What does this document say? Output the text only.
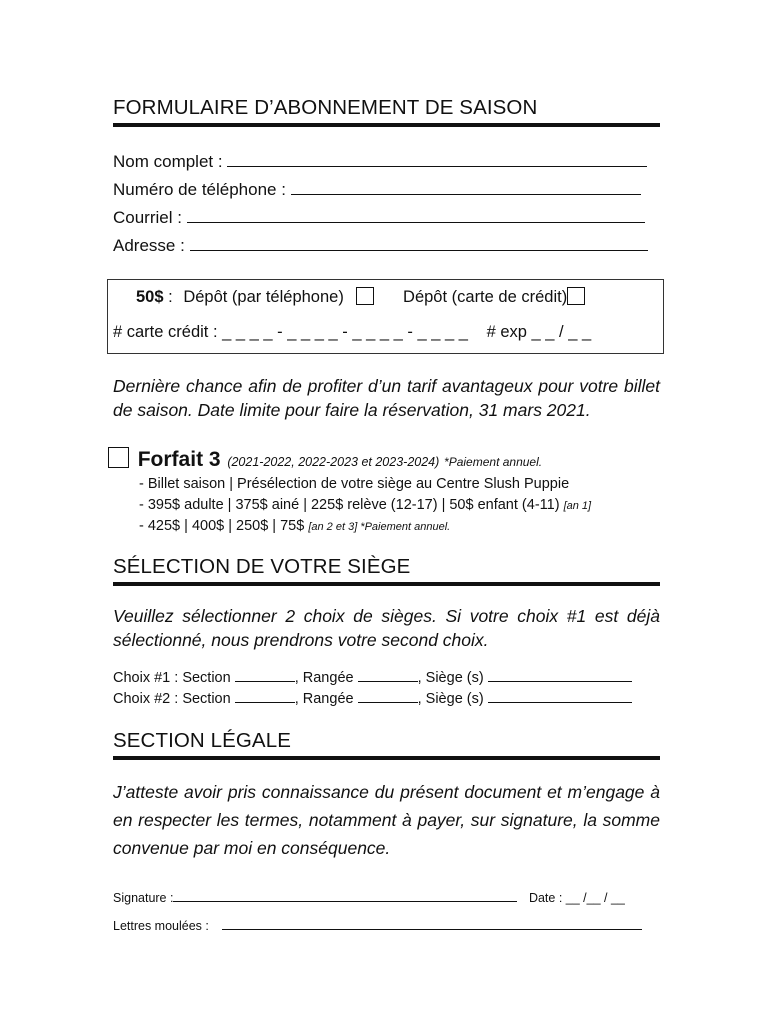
FORMULAIRE D’ABONNEMENT DE SAISON
Nom complet :
Numéro de téléphone :
Courriel :
Adresse :
50$ : Dépôt (par téléphone)	Dépôt (carte de crédit)
# carte crédit : _ _ _ _ - _ _ _ _ - _ _ _ _ - _ _ _ _ # exp _ _ / _ _
Dernière chance afin de profiter d’un tarif avantageux pour votre billet de saison. Date limite pour faire la réservation, 31 mars 2021.
Forfait 3 (2021-2022, 2022-2023 et 2023-2024) *Paiement annuel.
- Billet saison | Présélection de votre siège au Centre Slush Puppie
- 395$ adulte | 375$ ainé | 225$ relève (12-17) | 50$ enfant (4-11) [an 1]
- 425$ | 400$ | 250$ | 75$ [an 2 et 3] *Paiement annuel.
SÉLECTION DE VOTRE SIÈGE
Veuillez sélectionner 2 choix de sièges. Si votre choix #1 est déjà sélectionné, nous prendrons votre second choix.
Choix #1 : Section	, Rangée	, Siège (s)
Choix #2 : Section	, Rangée	, Siège (s)
SECTION LÉGALE
J’atteste avoir pris connaissance du présent document et m’engage à en respecter les termes, notamment à payer, sur signature, la somme convenue par moi en conséquence.
Signature :	Date : __ /__ / __
Lettres moulées :
